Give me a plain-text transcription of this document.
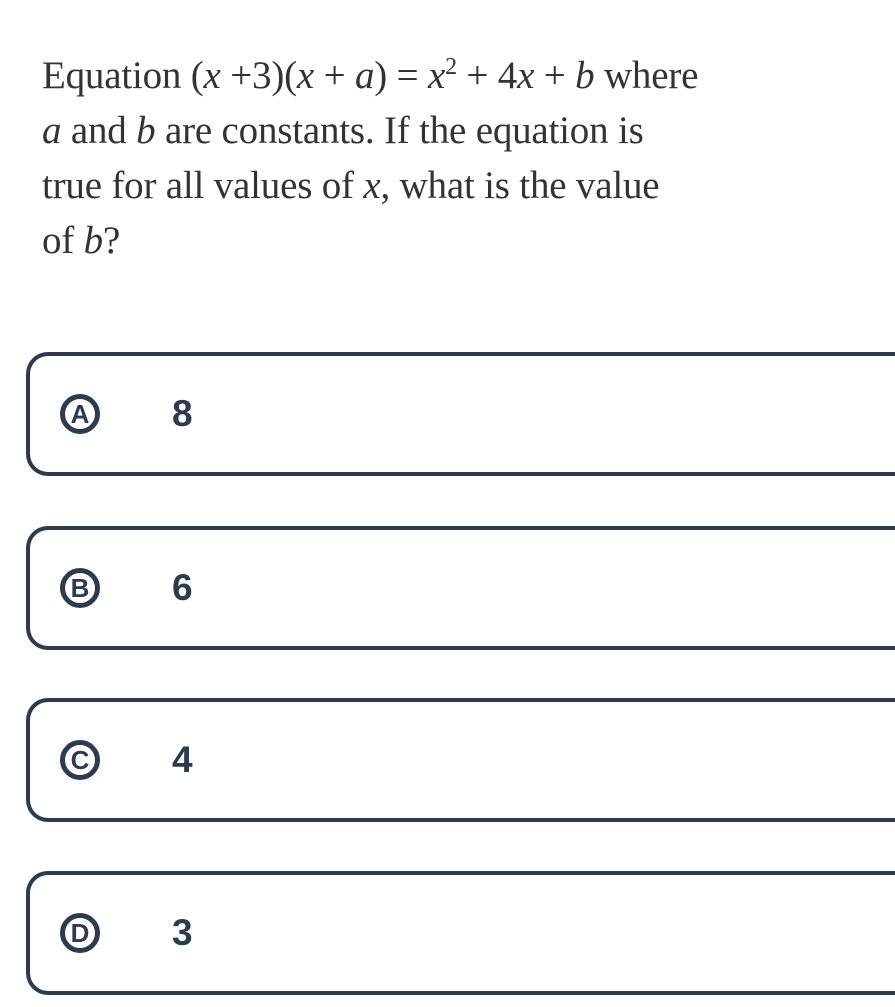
Equation $(x +3)(x + a) = x^2 + 4x + b$ where
a and b are constants. If the equation is
true for all values of x, what is the value
of b?
A 8
B 6
C 4
D 3
